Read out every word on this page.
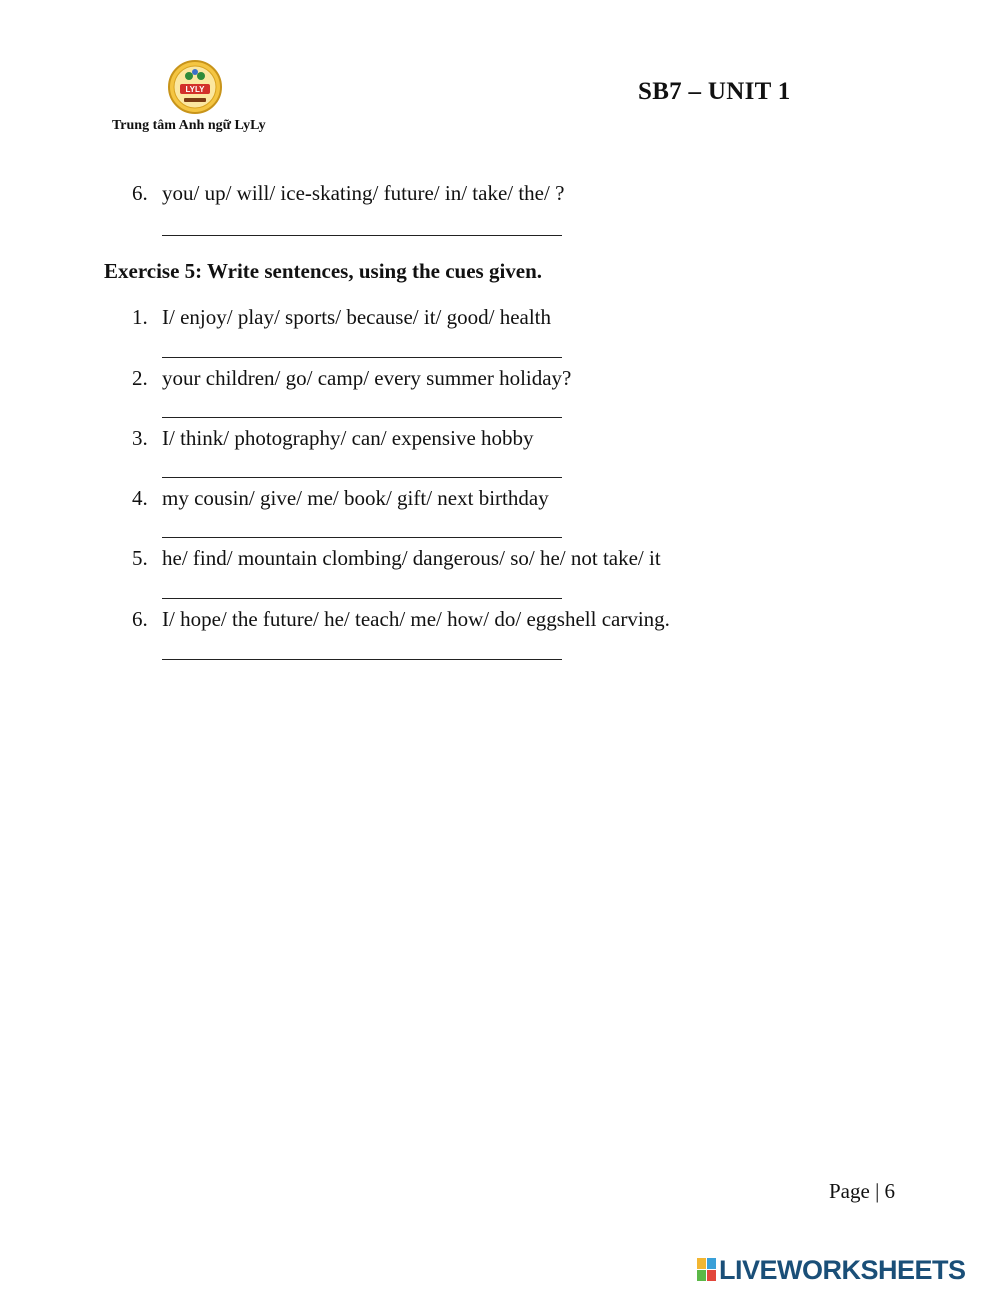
LYLY
Trung tâm Anh ngữ LyLy
SB7 – UNIT 1
6. you/ up/ will/ ice-skating/ future/ in/ take/ the/ ?
Exercise 5: Write sentences, using the cues given.
1. I/ enjoy/ play/ sports/ because/ it/ good/ health
2. your children/ go/ camp/ every summer holiday?
3. I/ think/ photography/ can/ expensive hobby
4. my cousin/ give/ me/ book/ gift/ next birthday
5. he/ find/ mountain clombing/ dangerous/ so/ he/ not take/ it
6. I/ hope/ the future/ he/ teach/ me/ how/ do/ eggshell carving.
Page | 6
LIVEWORKSHEETS
